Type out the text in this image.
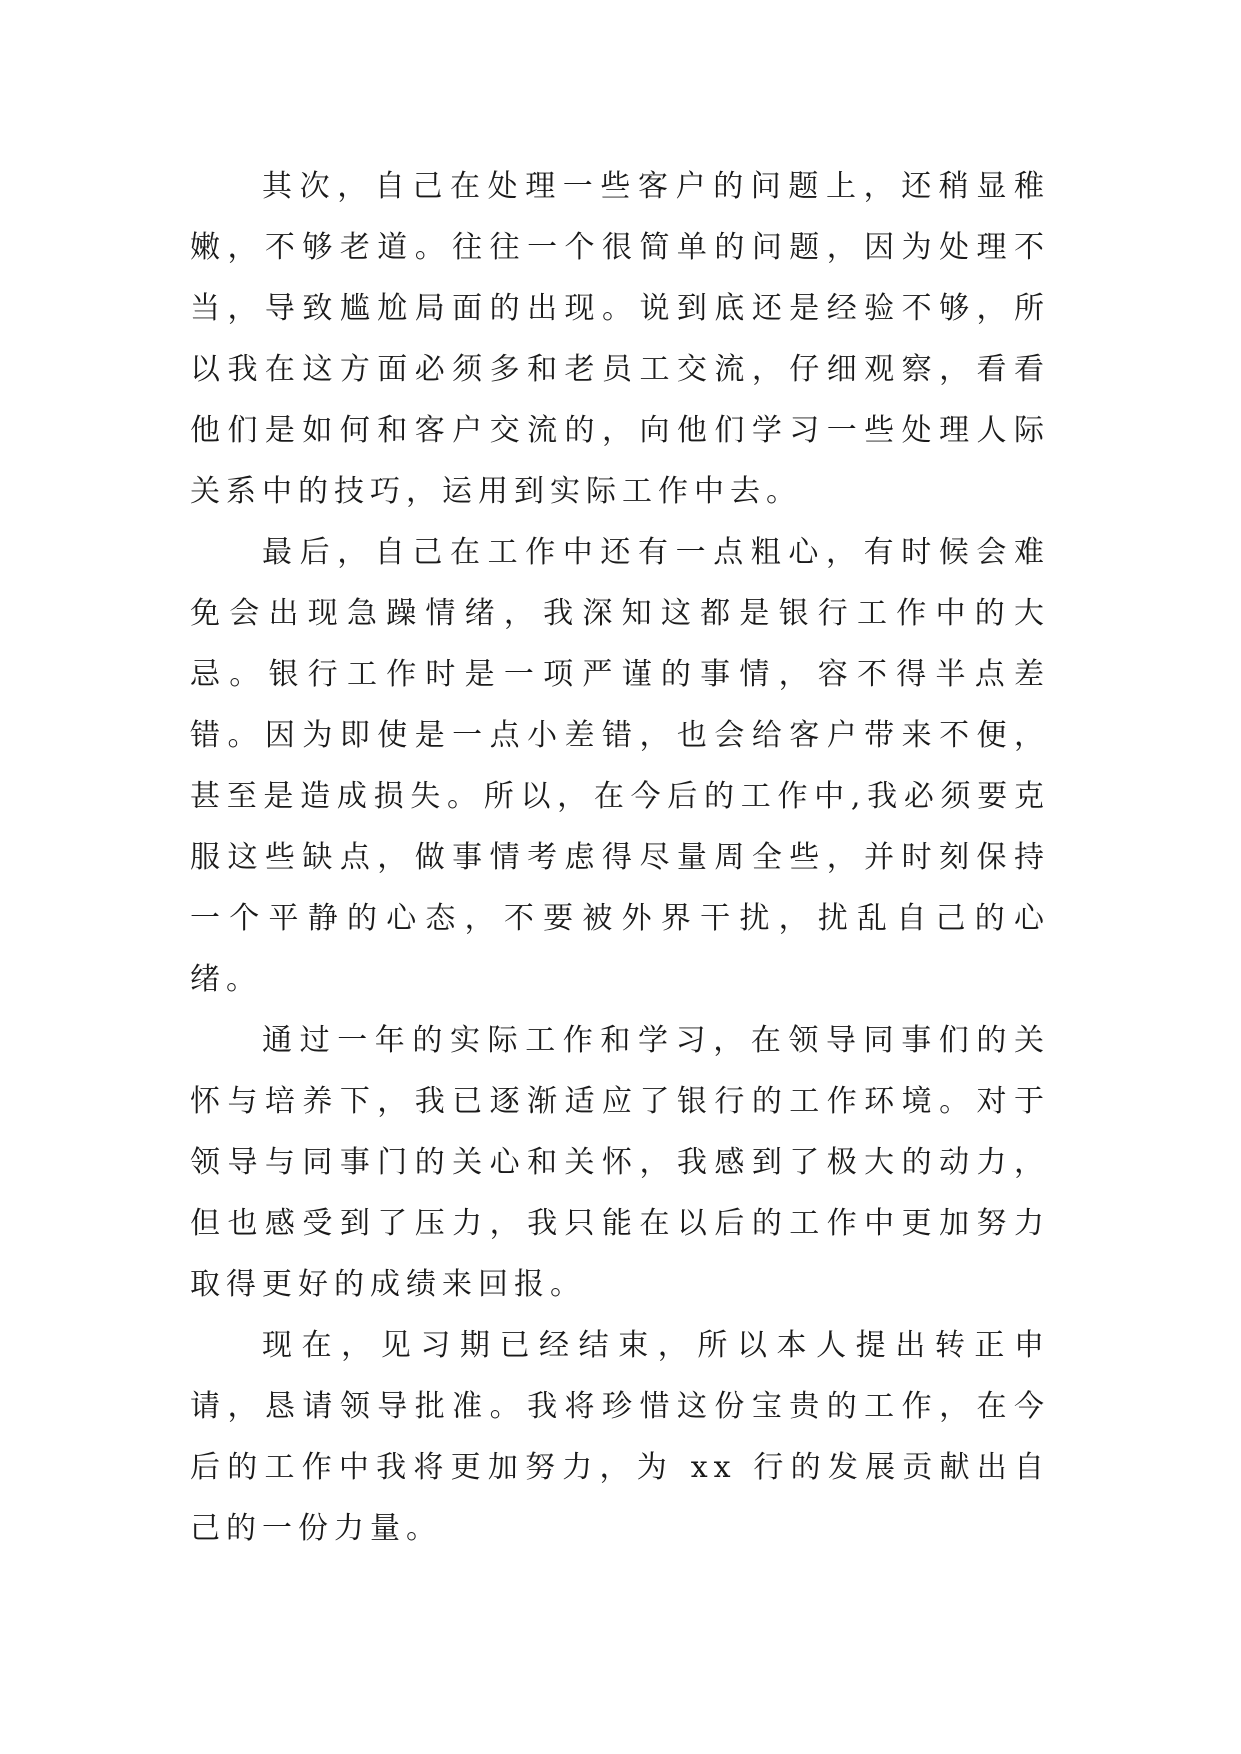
其次，自己在处理一些客户的问题上，还稍显稚嫩，不够老道。往往一个很简单的问题，因为处理不当，导致尴尬局面的出现。说到底还是经验不够，所以我在这方面必须多和老员工交流，仔细观察，看看他们是如何和客户交流的，向他们学习一些处理人际关系中的技巧，运用到实际工作中去。

最后，自己在工作中还有一点粗心，有时候会难免会出现急躁情绪，我深知这都是银行工作中的大忌。银行工作时是一项严谨的事情，容不得半点差错。因为即使是一点小差错，也会给客户带来不便，甚至是造成损失。所以，在今后的工作中,我必须要克服这些缺点，做事情考虑得尽量周全些，并时刻保持一个平静的心态，不要被外界干扰，扰乱自己的心绪。

通过一年的实际工作和学习，在领导同事们的关怀与培养下，我已逐渐适应了银行的工作环境。对于领导与同事门的关心和关怀，我感到了极大的动力，但也感受到了压力，我只能在以后的工作中更加努力取得更好的成绩来回报。

现在，见习期已经结束，所以本人提出转正申请，恳请领导批准。我将珍惜这份宝贵的工作，在今后的工作中我将更加努力，为 xx 行的发展贡献出自己的一份力量。
